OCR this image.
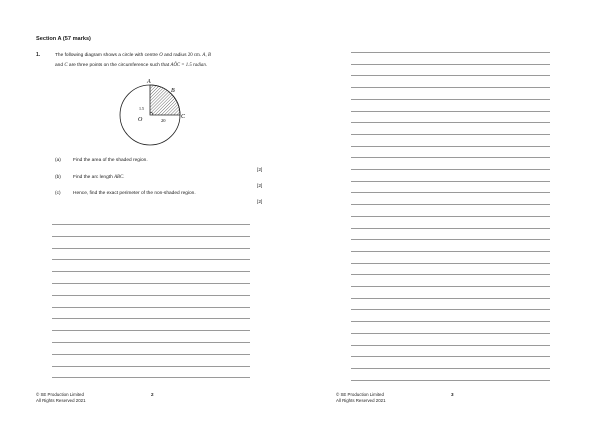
Section A (57 marks)
1.	The following diagram shows a circle with centre O and radius 20 cm. A, B
and C are three points on the circumference such that AÔC = 1.5 radian.
A
B
C
O
1.5
20
(a)	Find the area of the shaded region.
[2]
(b)	Find the arc length ABC.
[2]
(c)	Hence, find the exact perimeter of the non-shaded region.
[2]
© SE Production Limited
All Rights Reserved 2021
2	© SE Production Limited
All Rights Reserved 2021
3
